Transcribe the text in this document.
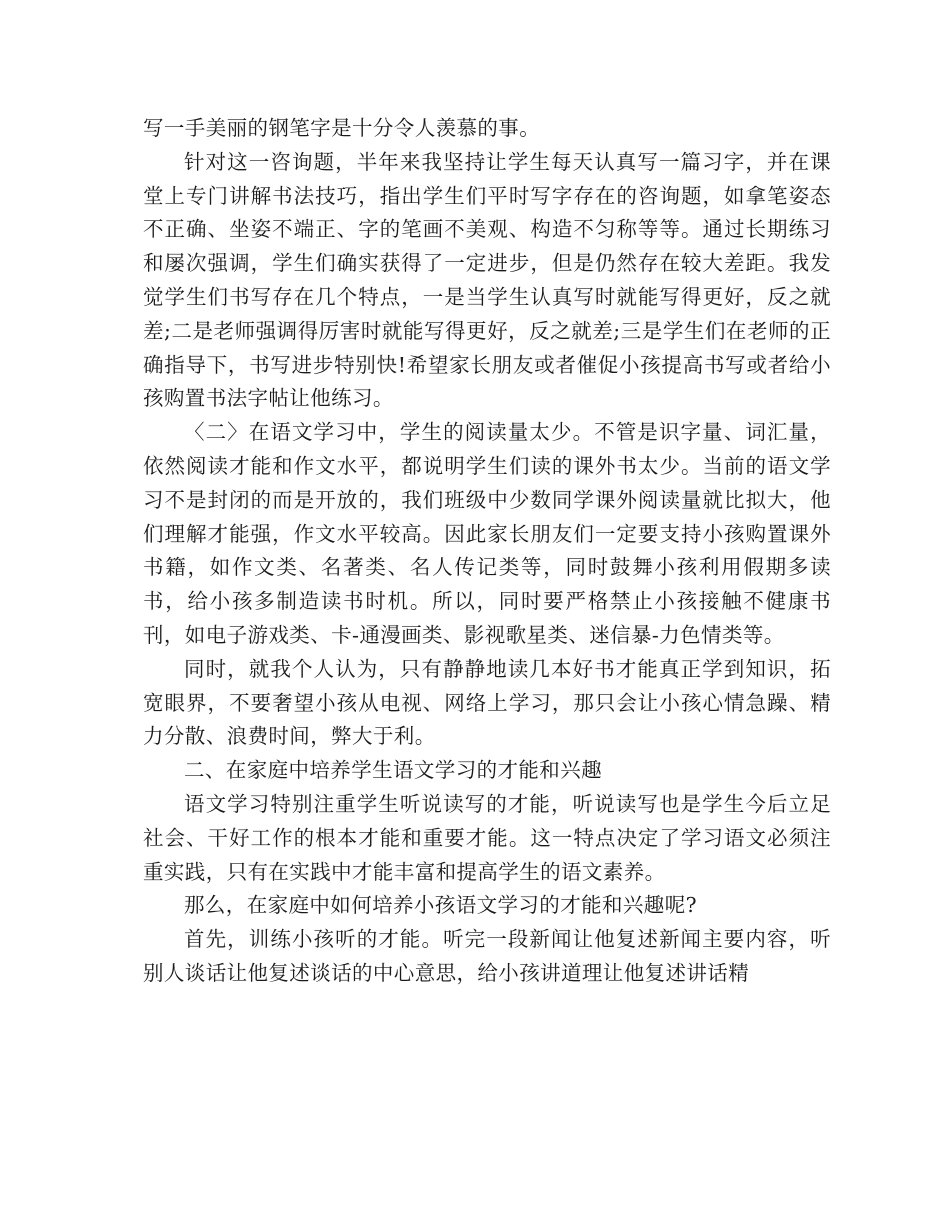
写一手美丽的钢笔字是十分令人羡慕的事。

针对这一咨询题，半年来我坚持让学生每天认真写一篇习字，并在课堂上专门讲解书法技巧，指出学生们平时写字存在的咨询题，如拿笔姿态不正确、坐姿不端正、字的笔画不美观、构造不匀称等等。通过长期练习和屡次强调，学生们确实获得了一定进步，但是仍然存在较大差距。我发觉学生们书写存在几个特点，一是当学生认真写时就能写得更好，反之就差;二是老师强调得厉害时就能写得更好，反之就差;三是学生们在老师的正确指导下，书写进步特别快!希望家长朋友或者催促小孩提高书写或者给小孩购置书法字帖让他练习。

〈二〉在语文学习中，学生的阅读量太少。不管是识字量、词汇量，依然阅读才能和作文水平，都说明学生们读的课外书太少。当前的语文学习不是封闭的而是开放的，我们班级中少数同学课外阅读量就比拟大，他们理解才能强，作文水平较高。因此家长朋友们一定要支持小孩购置课外书籍，如作文类、名著类、名人传记类等，同时鼓舞小孩利用假期多读书，给小孩多制造读书时机。所以，同时要严格禁止小孩接触不健康书刊，如电子游戏类、卡-通漫画类、影视歌星类、迷信暴-力色情类等。

同时，就我个人认为，只有静静地读几本好书才能真正学到知识，拓宽眼界，不要奢望小孩从电视、网络上学习，那只会让小孩心情急躁、精力分散、浪费时间，弊大于利。

二、在家庭中培养学生语文学习的才能和兴趣

语文学习特别注重学生听说读写的才能，听说读写也是学生今后立足社会、干好工作的根本才能和重要才能。这一特点决定了学习语文必须注重实践，只有在实践中才能丰富和提高学生的语文素养。

那么，在家庭中如何培养小孩语文学习的才能和兴趣呢?

首先，训练小孩听的才能。听完一段新闻让他复述新闻主要内容，听别人谈话让他复述谈话的中心意思，给小孩讲道理让他复述讲话精
